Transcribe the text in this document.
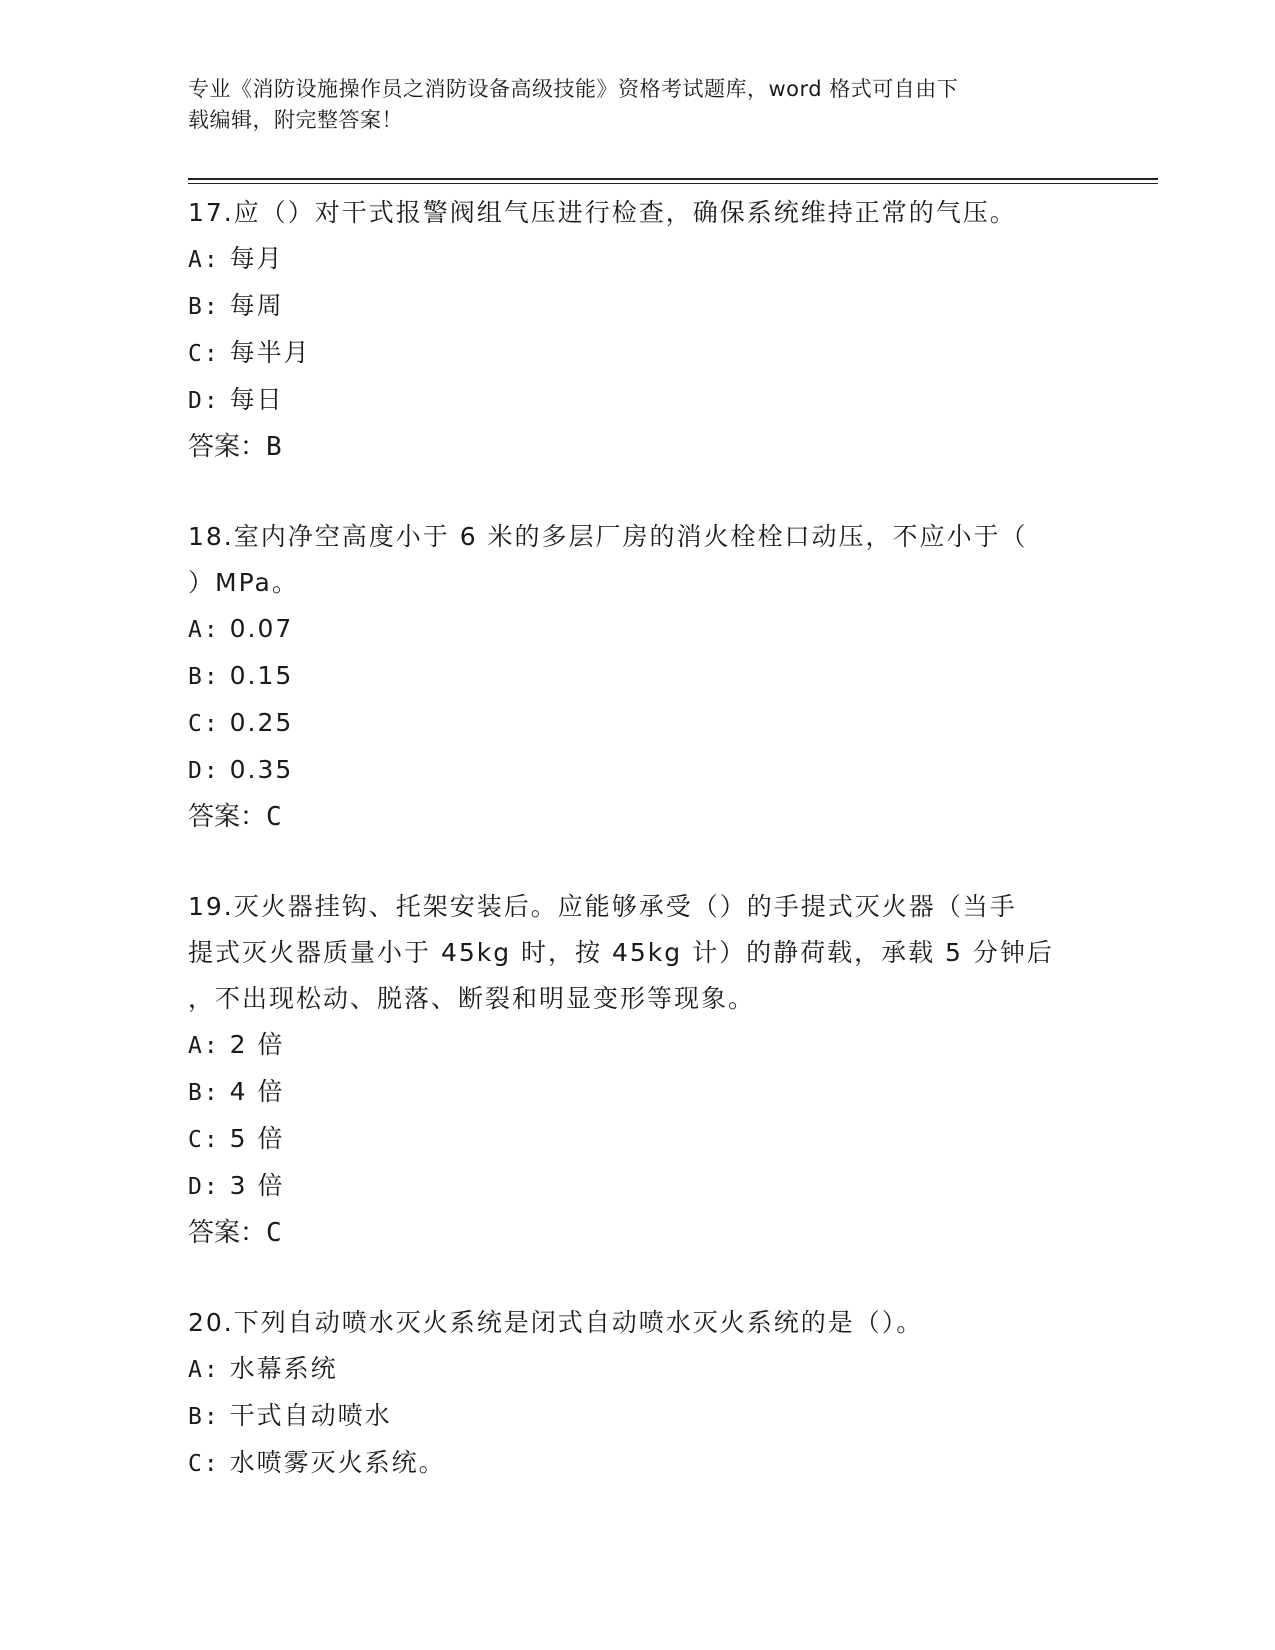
专业《消防设施操作员之消防设备高级技能》资格考试题库，word 格式可自由下
载编辑，附完整答案！

17.应（）对干式报警阀组气压进行检查，确保系统维持正常的气压。

A: 每月

B: 每周

C: 每半月

D: 每日

答案：B

18.室内净空高度小于 6 米的多层厂房的消火栓栓口动压，不应小于（

）MPa。

A: 0.07

B: 0.15

C: 0.25

D: 0.35

答案：C

19.灭火器挂钩、托架安装后。应能够承受（）的手提式灭火器（当手

提式灭火器质量小于 45kg 时，按 45kg 计）的静荷载，承载 5 分钟后

，不出现松动、脱落、断裂和明显变形等现象。

A: 2 倍

B: 4 倍

C: 5 倍

D: 3 倍

答案：C

20.下列自动喷水灭火系统是闭式自动喷水灭火系统的是（）。

A: 水幕系统

B: 干式自动喷水

C: 水喷雾灭火系统。
